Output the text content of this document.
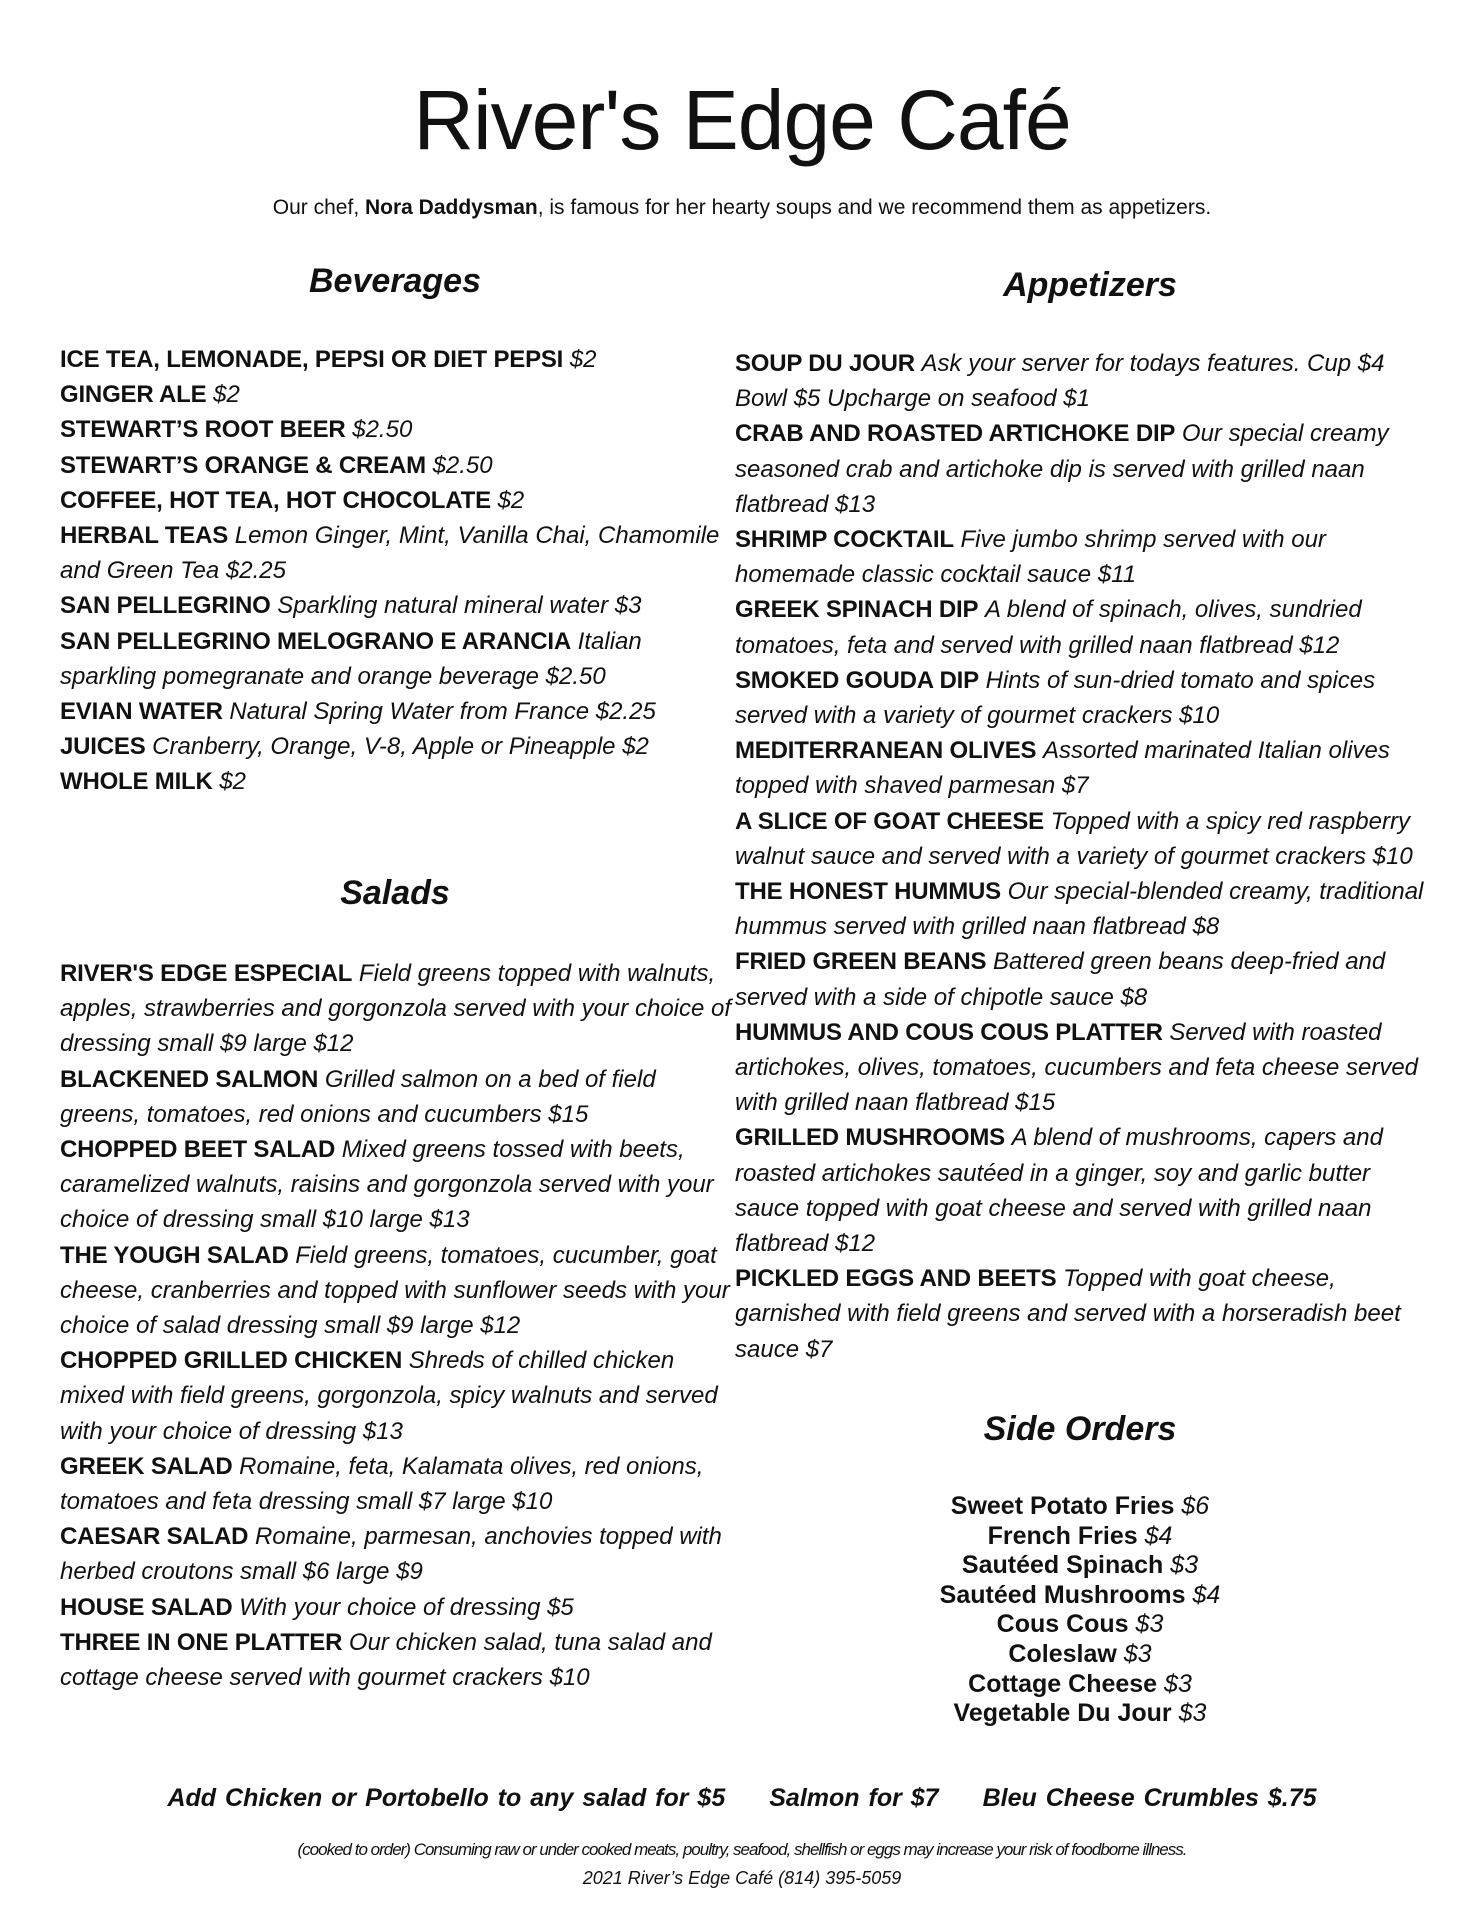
River's Edge Café
Our chef, Nora Daddysman, is famous for her hearty soups and we recommend them as appetizers.
Beverages

ICE TEA, LEMONADE, PEPSI OR DIET PEPSI $2

GINGER ALE $2

STEWART’S ROOT BEER $2.50

STEWART’S ORANGE & CREAM $2.50

COFFEE, HOT TEA, HOT CHOCOLATE $2

HERBAL TEAS Lemon Ginger, Mint, Vanilla Chai, Chamomile and Green Tea $2.25

SAN PELLEGRINO Sparkling natural mineral water $3

SAN PELLEGRINO MELOGRANO E ARANCIA Italian sparkling pomegranate and orange beverage $2.50

EVIAN WATER Natural Spring Water from France $2.25

JUICES Cranberry, Orange, V-8, Apple or Pineapple $2

WHOLE MILK $2

Salads

RIVER'S EDGE ESPECIAL Field greens topped with walnuts, apples, strawberries and gorgonzola served with your choice of dressing small $9 large $12

BLACKENED SALMON Grilled salmon on a bed of field greens, tomatoes, red onions and cucumbers $15

CHOPPED BEET SALAD Mixed greens tossed with beets, caramelized walnuts, raisins and gorgonzola served with your choice of dressing small $10 large $13

THE YOUGH SALAD Field greens, tomatoes, cucumber, goat cheese, cranberries and topped with sunflower seeds with your choice of salad dressing small $9 large $12

CHOPPED GRILLED CHICKEN Shreds of chilled chicken mixed with field greens, gorgonzola, spicy walnuts and served with your choice of dressing $13

GREEK SALAD Romaine, feta, Kalamata olives, red onions, tomatoes and feta dressing small $7 large $10

CAESAR SALAD Romaine, parmesan, anchovies topped with herbed croutons small $6 large $9

HOUSE SALAD With your choice of dressing $5

THREE IN ONE PLATTER Our chicken salad, tuna salad and cottage cheese served with gourmet crackers $10

Appetizers

SOUP DU JOUR Ask your server for todays features. Cup $4 Bowl $5 Upcharge on seafood $1

CRAB AND ROASTED ARTICHOKE DIP Our special creamy seasoned crab and artichoke dip is served with grilled naan flatbread $13

SHRIMP COCKTAIL Five jumbo shrimp served with our homemade classic cocktail sauce $11

GREEK SPINACH DIP A blend of spinach, olives, sundried tomatoes, feta and served with grilled naan flatbread $12

SMOKED GOUDA DIP Hints of sun-dried tomato and spices served with a variety of gourmet crackers $10

MEDITERRANEAN OLIVES Assorted marinated Italian olives topped with shaved parmesan $7

A SLICE OF GOAT CHEESE Topped with a spicy red raspberry walnut sauce and served with a variety of gourmet crackers $10

THE HONEST HUMMUS Our special-blended creamy, traditional hummus served with grilled naan flatbread $8

FRIED GREEN BEANS Battered green beans deep-fried and served with a side of chipotle sauce $8

HUMMUS AND COUS COUS PLATTER Served with roasted artichokes, olives, tomatoes, cucumbers and feta cheese served with grilled naan flatbread $15

GRILLED MUSHROOMS A blend of mushrooms, capers and roasted artichokes sautéed in a ginger, soy and garlic butter sauce topped with goat cheese and served with grilled naan flatbread $12

PICKLED EGGS AND BEETS Topped with goat cheese, garnished with field greens and served with a horseradish beet sauce $7

Side Orders
Sweet Potato Fries $6
French Fries $4
Sautéed Spinach $3
Sautéed Mushrooms $4
Cous Cous $3
Coleslaw $3
Cottage Cheese $3
Vegetable Du Jour $3
Add Chicken or Portobello to any salad for $5 Salmon for $7 Bleu Cheese Crumbles $.75
(cooked to order) Consuming raw or under cooked meats, poultry, seafood, shellfish or eggs may increase your risk of foodborne illness.
2021 River’s Edge Café (814) 395-5059
